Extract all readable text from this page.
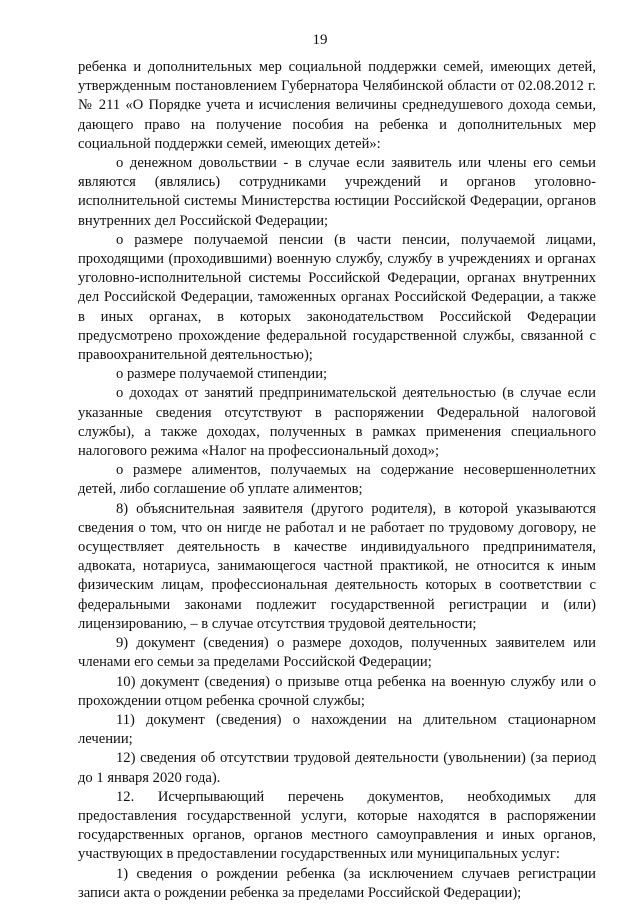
19

ребенка и дополнительных мер социальной поддержки семей, имеющих детей, утвержденным постановлением Губернатора Челябинской области от 02.08.2012 г. № 211 «О Порядке учета и исчисления величины среднедушевого дохода семьи, дающего право на получение пособия на ребенка и дополнительных мер социальной поддержки семей, имеющих детей»:

о денежном довольствии - в случае если заявитель или члены его семьи являются (являлись) сотрудниками учреждений и органов уголовно-исполнительной системы Министерства юстиции Российской Федерации, органов внутренних дел Российской Федерации;

о размере получаемой пенсии (в части пенсии, получаемой лицами, проходящими (проходившими) военную службу, службу в учреждениях и органах уголовно-исполнительной системы Российской Федерации, органах внутренних дел Российской Федерации, таможенных органах Российской Федерации, а также в иных органах, в которых законодательством Российской Федерации предусмотрено прохождение федеральной государственной службы, связанной с правоохранительной деятельностью);

о размере получаемой стипендии;

о доходах от занятий предпринимательской деятельностью (в случае если указанные сведения отсутствуют в распоряжении Федеральной налоговой службы), а также доходах, полученных в рамках применения специального налогового режима «Налог на профессиональный доход»;

о размере алиментов, получаемых на содержание несовершеннолетних детей, либо соглашение об уплате алиментов;

8) объяснительная заявителя (другого родителя), в которой указываются сведения о том, что он нигде не работал и не работает по трудовому договору, не осуществляет деятельность в качестве индивидуального предпринимателя, адвоката, нотариуса, занимающегося частной практикой, не относится к иным физическим лицам, профессиональная деятельность которых в соответствии с федеральными законами подлежит государственной регистрации и (или) лицензированию, – в случае отсутствия трудовой деятельности;

9) документ (сведения) о размере доходов, полученных заявителем или членами его семьи за пределами Российской Федерации;

10) документ (сведения) о призыве отца ребенка на военную службу или о прохождении отцом ребенка срочной службы;

11) документ (сведения) о нахождении на длительном стационарном лечении;

12) сведения об отсутствии трудовой деятельности (увольнении) (за период до 1 января 2020 года).

12. Исчерпывающий перечень документов, необходимых для предоставления государственной услуги, которые находятся в распоряжении государственных органов, органов местного самоуправления и иных органов, участвующих в предоставлении государственных или муниципальных услуг:

1) сведения о рождении ребенка (за исключением случаев регистрации записи акта о рождении ребенка за пределами Российской Федерации);
